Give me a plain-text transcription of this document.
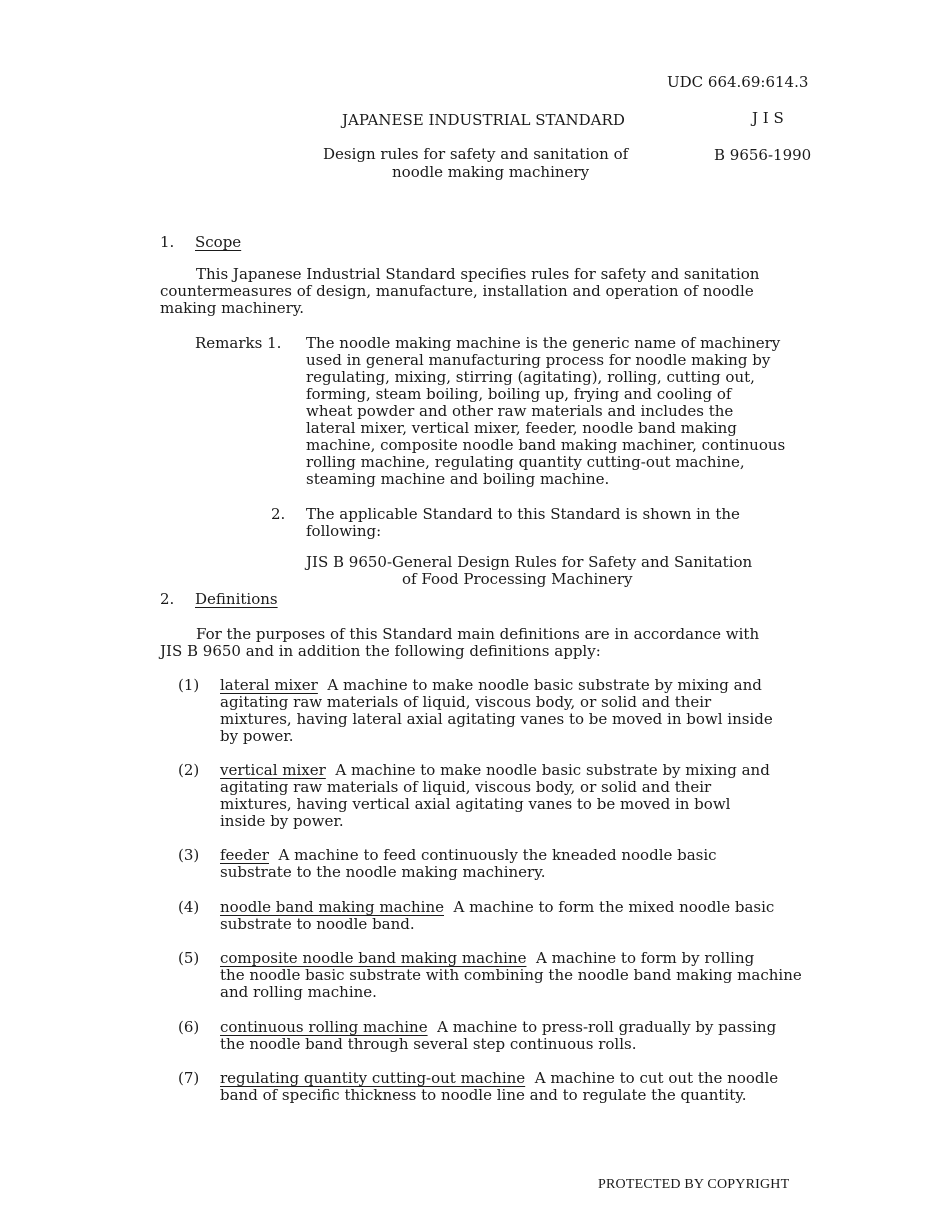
UDC 664.69:614.3
JAPANESE INDUSTRIAL STANDARD	J I S
Design rules for safety and sanitation of
noodle making machinery
B 9656-1990
1. Scope
This Japanese Industrial Standard specifies rules for safety and sanitation
countermeasures of design, manufacture, installation and operation of noodle
making machinery.
Remarks 1. The noodle making machine is the generic name of machinery
used in general manufacturing process for noodle making by
regulating, mixing, stirring (agitating), rolling, cutting out,
forming, steam boiling, boiling up, frying and cooling of
wheat powder and other raw materials and includes the
lateral mixer, vertical mixer, feeder, noodle band making
machine, composite noodle band making machiner, continuous
rolling machine, regulating quantity cutting-out machine,
steaming machine and boiling machine.
2. The applicable Standard to this Standard is shown in the
following:
JIS B 9650-General Design Rules for Safety and Sanitation
of Food Processing Machinery
2. Definitions
For the purposes of this Standard main definitions are in accordance with
JIS B 9650 and in addition the following definitions apply:
(1) lateral mixer A machine to make noodle basic substrate by mixing and
agitating raw materials of liquid, viscous body, or solid and their
mixtures, having lateral axial agitating vanes to be moved in bowl inside
by power.
(2) vertical mixer A machine to make noodle basic substrate by mixing and
agitating raw materials of liquid, viscous body, or solid and their
mixtures, having vertical axial agitating vanes to be moved in bowl
inside by power.
(3) feeder A machine to feed continuously the kneaded noodle basic
substrate to the noodle making machinery.
(4) noodle band making machine A machine to form the mixed noodle basic
substrate to noodle band.
(5) composite noodle band making machine A machine to form by rolling
the noodle basic substrate with combining the noodle band making machine
and rolling machine.
(6) continuous rolling machine A machine to press-roll gradually by passing
the noodle band through several step continuous rolls.
(7) regulating quantity cutting-out machine A machine to cut out the noodle
band of specific thickness to noodle line and to regulate the quantity.
PROTECTED BY COPYRIGHT
